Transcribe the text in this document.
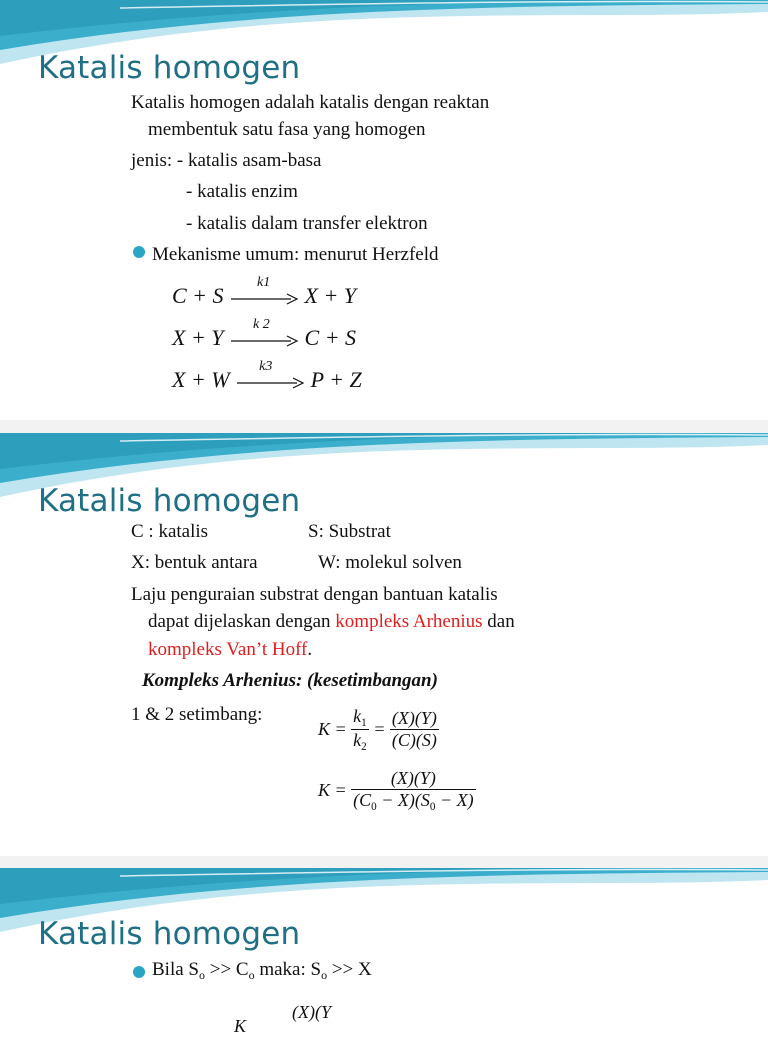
Katalis homogen
Katalis homogen adalah katalis dengan reaktan
membentuk satu fasa yang homogen
jenis: - katalis asam-basa
- katalis enzim
- katalis dalam transfer elektron
Mekanisme umum: menurut Herzfeld
C + S
k1
X + Y
X + Y
k 2
C + S
X + W
k3
P + Z
Katalis homogen
C : katalis	S: Substrat
X: bentuk antara	W: molekul solven
Laju penguraian substrat dengan bantuan katalis
dapat dijelaskan dengan kompleks Arhenius dan
kompleks Van’t Hoff.
Kompleks Arhenius: (kesetimbangan)
1 & 2 setimbang:
$K = \frac{k_1}{k_2} = \frac{(X)(Y)}{(C)(S)}$
$K = \frac{(X)(Y)}{(C_0 - X)(S_0 - X)}$
Katalis homogen
Bila $S_o >> C_o$ maka: $S_o >> X$
(X)(Y
K
